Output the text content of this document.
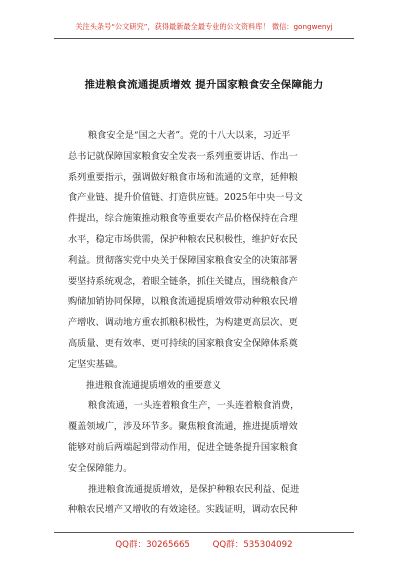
关注头条号“公文研究”，获得最新最全最专业的公文资料库！ 微信：gongwenyj
推进粮食流通提质增效 提升国家粮食安全保障能力
粮食安全是“国之大者”。党的十八大以来，习近平
总书记就保障国家粮食安全发表一系列重要讲话、作出一
系列重要指示，强调做好粮食市场和流通的文章，延伸粮
食产业链、提升价值链、打造供应链。2025年中央一号文
件提出，综合施策推动粮食等重要农产品价格保持在合理
水平，稳定市场供需，保护种粮农民积极性，维护好农民
利益。贯彻落实党中央关于保障国家粮食安全的决策部署
要坚持系统观念，着眼全链条，抓住关键点，围绕粮食产
购储加销协同保障，以粮食流通提质增效带动种粮农民增
产增收、调动地方重农抓粮积极性，为构建更高层次、更
高质量、更有效率、更可持续的国家粮食安全保障体系奠
定坚实基础。
推进粮食流通提质增效的重要意义
粮食流通，一头连着粮食生产，一头连着粮食消费，
覆盖领域广，涉及环节多。聚焦粮食流通，推进提质增效
能够对前后两端起到带动作用，促进全链条提升国家粮食
安全保障能力。
推进粮食流通提质增效，是保护种粮农民利益、促进
种粮农民增产又增收的有效途径。实践证明，调动农民种
QQ群：30265665	QQ群：535304092
